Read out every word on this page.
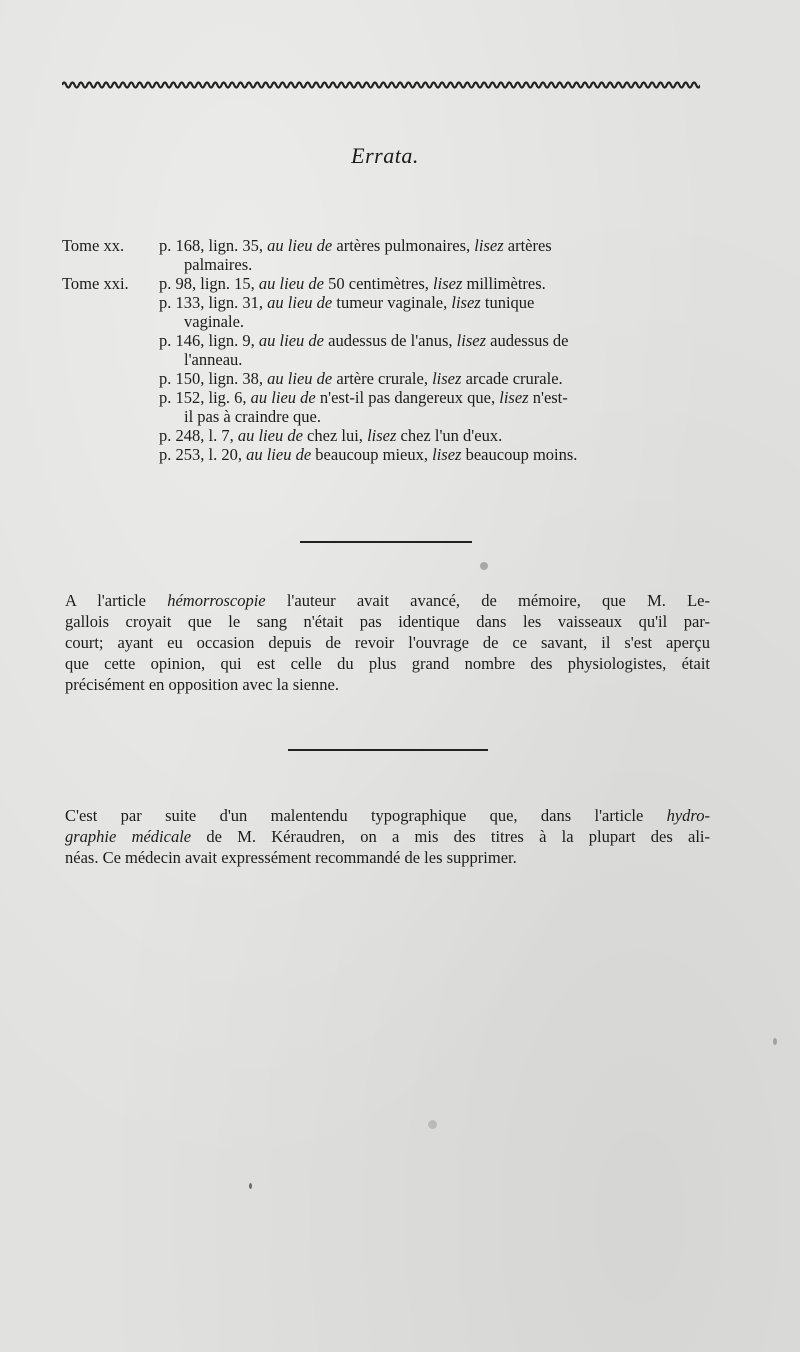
Errata.
Tome xx. p. 168, lign. 35, au lieu de artères pulmonaires, lisez artères
palmaires.
Tome xxi. p. 98, lign. 15, au lieu de 50 centimètres, lisez millimètres.
p. 133, lign. 31, au lieu de tumeur vaginale, lisez tunique
vaginale.
p. 146, lign. 9, au lieu de audessus de l'anus, lisez audessus de
l'anneau.
p. 150, lign. 38, au lieu de artère crurale, lisez arcade crurale.
p. 152, lig. 6, au lieu de n'est-il pas dangereux que, lisez n'est-
il pas à craindre que.
p. 248, l. 7, au lieu de chez lui, lisez chez l'un d'eux.
p. 253, l. 20, au lieu de beaucoup mieux, lisez beaucoup moins.
A l'article hémorroscopie l'auteur avait avancé, de mémoire, que M. Le-
gallois croyait que le sang n'était pas identique dans les vaisseaux qu'il par-
court; ayant eu occasion depuis de revoir l'ouvrage de ce savant, il s'est aperçu
que cette opinion, qui est celle du plus grand nombre des physiologistes, était
précisément en opposition avec la sienne.
C'est par suite d'un malentendu typographique que, dans l'article hydro-
graphie médicale de M. Kéraudren, on a mis des titres à la plupart des ali-
néas. Ce médecin avait expressément recommandé de les supprimer.
